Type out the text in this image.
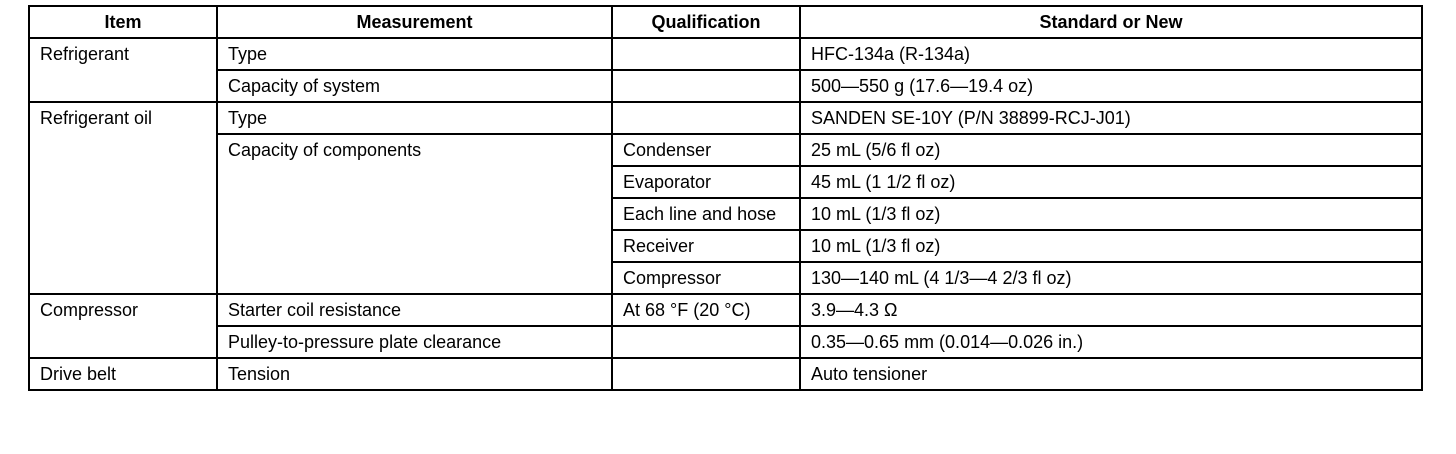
Item	Measurement	Qualification	Standard or New
Refrigerant	Type		HFC-134a (R-134a)
	Capacity of system		500—550 g (17.6—19.4 oz)
Refrigerant oil	Type		SANDEN SE-10Y (P/N 38899-RCJ-J01)
	Capacity of components	Condenser	25 mL (5/6 fl oz)
		Evaporator	45 mL (1 1/2 fl oz)
		Each line and hose	10 mL (1/3 fl oz)

		Receiver	10 mL (1/3 fl oz)
		Compressor	130—140 mL (4 1/3—4 2/3 fl oz)
Compressor	Starter coil resistance	At 68 °F (20 °C)	3.9—4.3 Ω
	Pulley-to-pressure plate clearance		0.35—0.65 mm (0.014—0.026 in.)
Drive belt	Tension		Auto tensioner
